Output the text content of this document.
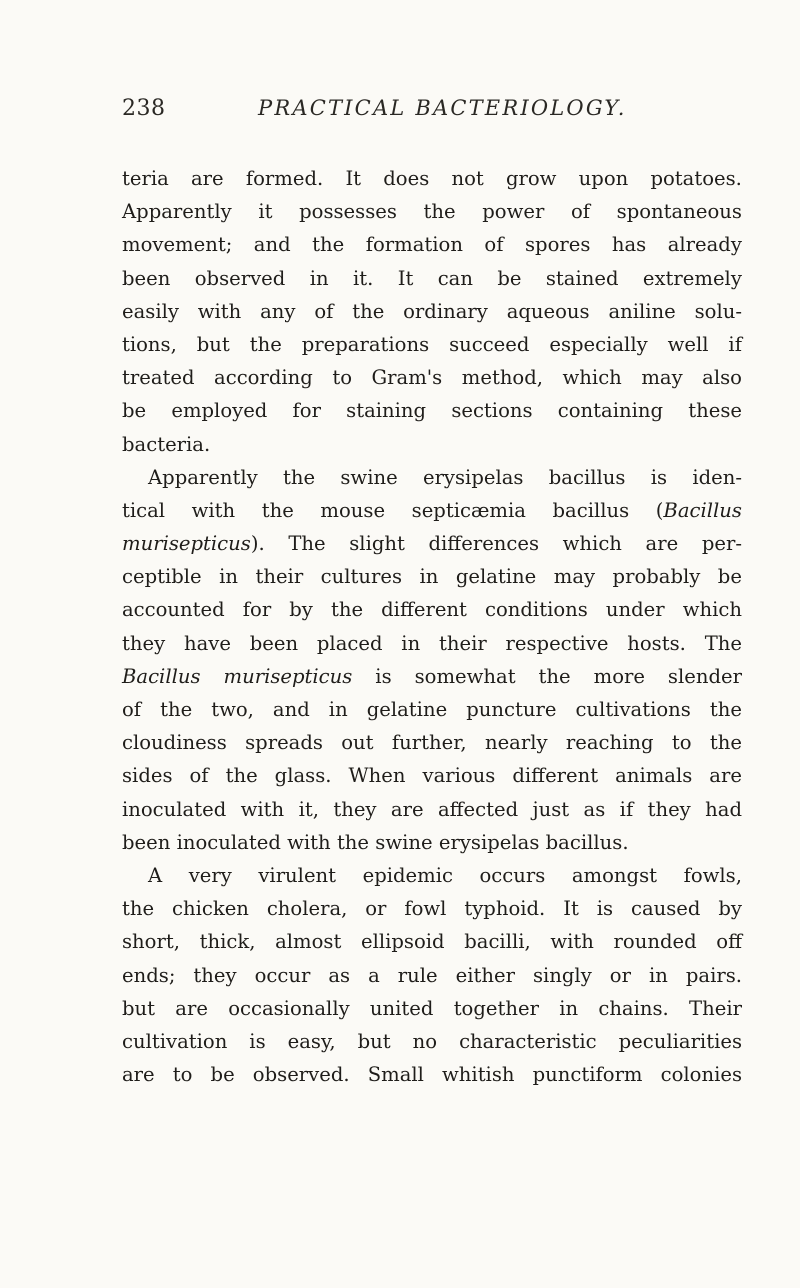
238	PRACTICAL BACTERIOLOGY.
teria are formed. It does not grow upon potatoes.
Apparently it possesses the power of spontaneous
movement; and the formation of spores has already
been observed in it. It can be stained extremely
easily with any of the ordinary aqueous aniline solu-
tions, but the preparations succeed especially well if
treated according to Gram's method, which may also
be employed for staining sections containing these
bacteria.
Apparently the swine erysipelas bacillus is iden-
tical with the mouse septicæmia bacillus (Bacillus
murisepticus). The slight differences which are per-
ceptible in their cultures in gelatine may probably be
accounted for by the different conditions under which
they have been placed in their respective hosts. The
Bacillus murisepticus is somewhat the more slender
of the two, and in gelatine puncture cultivations the
cloudiness spreads out further, nearly reaching to the
sides of the glass. When various different animals are
inoculated with it, they are affected just as if they had
been inoculated with the swine erysipelas bacillus.
A very virulent epidemic occurs amongst fowls,
the chicken cholera, or fowl typhoid. It is caused by
short, thick, almost ellipsoid bacilli, with rounded off
ends; they occur as a rule either singly or in pairs.
but are occasionally united together in chains. Their
cultivation is easy, but no characteristic peculiarities
are to be observed. Small whitish punctiform colonies
